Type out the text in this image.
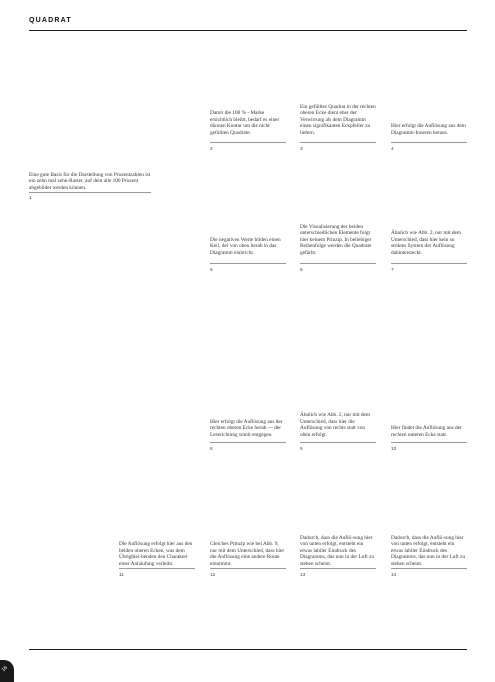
QUADRAT
Eine gute Basis für die Darstellung von Prozentzahlen ist ein zehn mal zehn-Raster, auf dem alle 100 Prozent abgebildet werden können.
1
Damit die 100 % - Marke ersichtlich bleibt, bedarf es einer dünnen Kontur um die nicht gefüllten Quadrate.
2
Ein gefülltes Quadrat in der rechten oberen Ecke dient eher der Verwirrung als dem Diagramm einen signifikanten Eckpfeiler zu liefern.
3
Hier erfolgt die Auflösung aus dem Diagramm-Inneren heraus.
4
Die negativen Werte bilden einen Keil, der von oben herab in das Diagramm einbricht.
5
Die Visualisierung der beiden unterschiedlichen Elemente folgt hier keinem Prinzip. In beliebiger Reihenfolge werden die Quadrate gefärbt.
6
Ähnlich wie Abb. 2, nur mit dem Unterschied, dass hier kein so striktes System der Auflösung dahintersteckt.
7
Hier erfolgt die Auflösung aus der rechten oberen Ecke herab — der Leserichtung somit entgegen.
8
Ähnlich wie Abb. 2, nur mit dem Unterschied, dass hier die Auflösung von rechts statt von oben erfolgt.
9
Hier findet die Auflösung aus der rechten unteren Ecke statt.
10
Die Auflösung erfolgt hier aus den beiden oberen Ecken, was dem Übrigblei-benden den Charakter einer Anhäufung verleiht.
11
Gleiches Prinzip wie bei Abb. 9, nur mit dem Unterschied, dass hier die Auflösung eine andere Route einnimmt.
12
Dadurch, dass die Auflö-sung hier von unten erfolgt, entsteht ein etwas labiler Eindruck des Diagramms, das nun in der Luft zu stehen scheint.
13
Dadurch, dass die Auflö-sung hier von unten erfolgt, entsteht ein etwas labiler Eindruck des Diagramms, das nun in der Luft zu stehen scheint.
14
16
